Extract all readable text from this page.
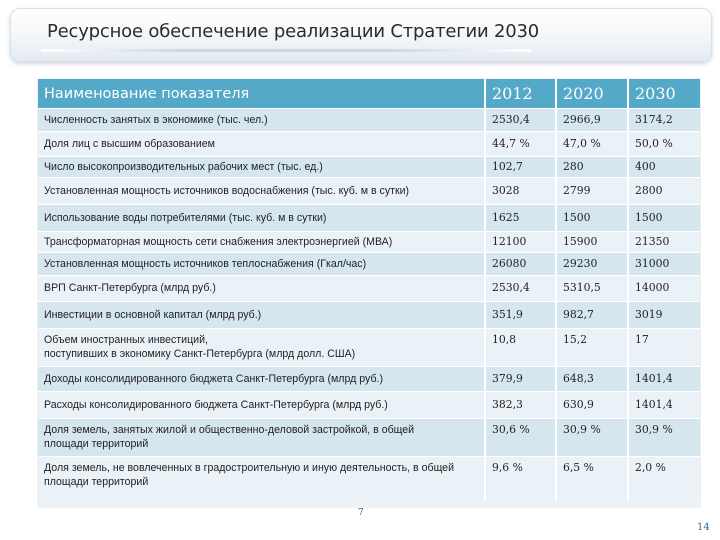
Ресурсное обеспечение реализации Стратегии 2030
Наименование показателя	2012	2020	2030
Численность занятых в экономике (тыс. чел.)	2530,4	2966,9	3174,2
Доля лиц с высшим образованием	44,7 %	47,0 %	50,0 %
Число высокопроизводительных рабочих мест (тыс. ед.)	102,7	280	400
Установленная мощность источников водоснабжения (тыс. куб. м в сутки)	3028	2799	2800
Использование воды потребителями (тыс. куб. м в сутки)	1625	1500	1500
Трансформаторная мощность сети снабжения электроэнергией (МВА)	12100	15900	21350
Установленная мощность источников теплоснабжения (Гкал/час)	26080	29230	31000
ВРП Санкт-Петербурга (млрд руб.)	2530,4	5310,5	14000
Инвестиции в основной капитал (млрд руб.)	351,9	982,7	3019
Объем иностранных инвестиций,
поступивших в экономику Санкт-Петербурга (млрд долл. США)	10,8	15,2	17
Доходы консолидированного бюджета Санкт-Петербурга (млрд руб.)	379,9	648,3	1401,4
Расходы консолидированного бюджета Санкт-Петербурга (млрд руб.)	382,3	630,9	1401,4
Доля земель, занятых жилой и общественно-деловой застройкой, в общей
площади территорий	30,6 %	30,9 %	30,9 %
Доля земель, не вовлеченных в градостроительную и иную деятельность, в общей
площади территорий	9,6 %	6,5 %	2,0 %
7
14
